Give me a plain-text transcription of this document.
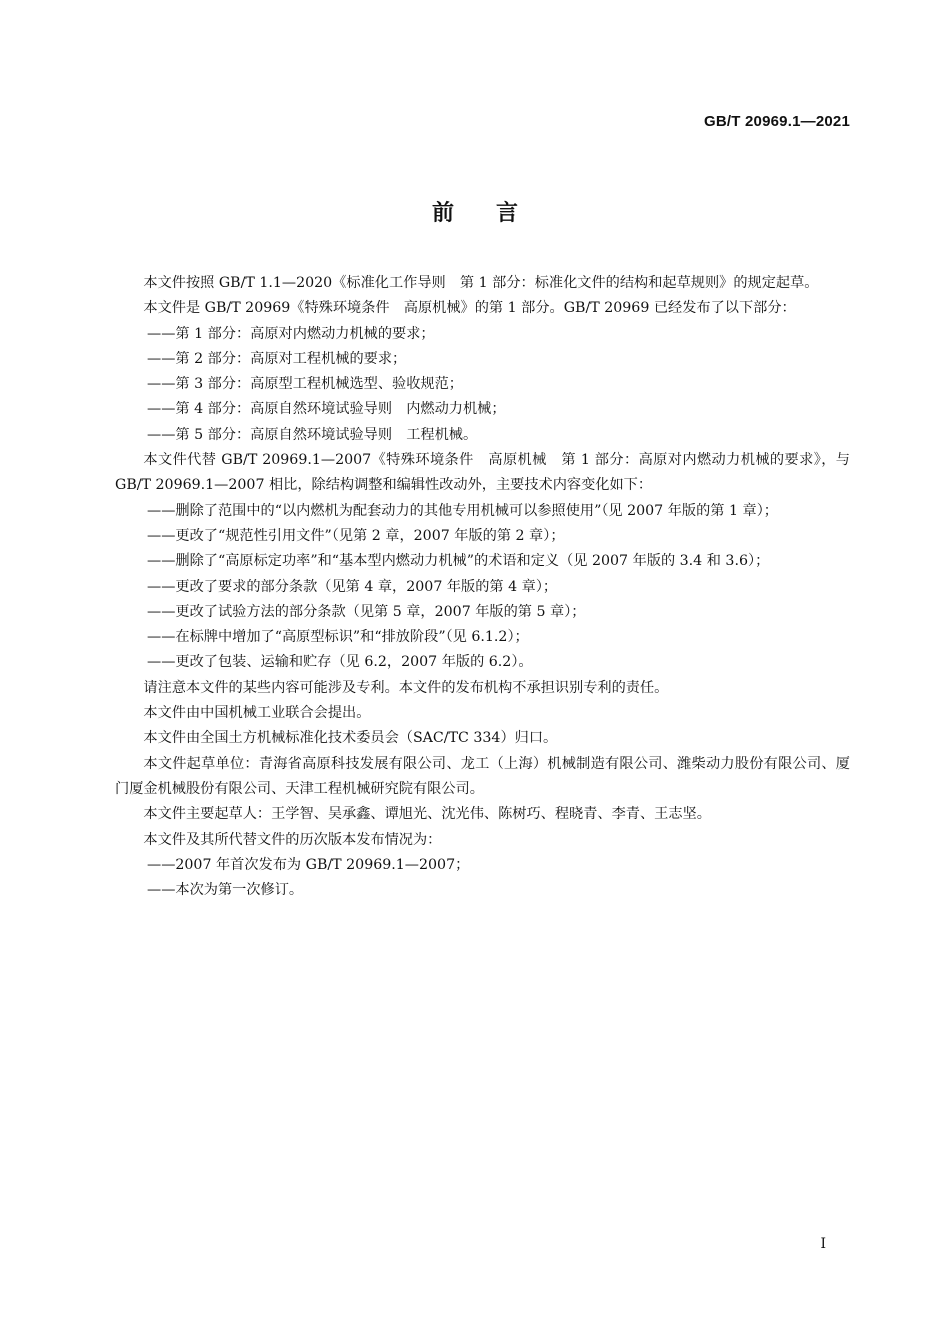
GB/T 20969.1—2021
前言

本文件按照 GB/T 1.1—2020《标准化工作导则　第 1 部分：标准化文件的结构和起草规则》的规定起草。

本文件是 GB/T 20969《特殊环境条件　高原机械》的第 1 部分。GB/T 20969 已经发布了以下部分：

——第 1 部分：高原对内燃动力机械的要求；

——第 2 部分：高原对工程机械的要求；

——第 3 部分：高原型工程机械选型、验收规范；

——第 4 部分：高原自然环境试验导则　内燃动力机械；

——第 5 部分：高原自然环境试验导则　工程机械。

本文件代替 GB/T 20969.1—2007《特殊环境条件　高原机械　第 1 部分：高原对内燃动力机械的要求》，与 GB/T 20969.1—2007 相比，除结构调整和编辑性改动外，主要技术内容变化如下：

——删除了范围中的“以内燃机为配套动力的其他专用机械可以参照使用”（见 2007 年版的第 1 章）；

——更改了“规范性引用文件”（见第 2 章，2007 年版的第 2 章）；

——删除了“高原标定功率”和“基本型内燃动力机械”的术语和定义（见 2007 年版的 3.4 和 3.6）；

——更改了要求的部分条款（见第 4 章，2007 年版的第 4 章）；

——更改了试验方法的部分条款（见第 5 章，2007 年版的第 5 章）；

——在标牌中增加了“高原型标识”和“排放阶段”（见 6.1.2）；

——更改了包装、运输和贮存（见 6.2，2007 年版的 6.2）。

请注意本文件的某些内容可能涉及专利。本文件的发布机构不承担识别专利的责任。

本文件由中国机械工业联合会提出。

本文件由全国土方机械标准化技术委员会（SAC/TC 334）归口。

本文件起草单位：青海省高原科技发展有限公司、龙工（上海）机械制造有限公司、潍柴动力股份有限公司、厦门厦金机械股份有限公司、天津工程机械研究院有限公司。

本文件主要起草人：王学智、吴承鑫、谭旭光、沈光伟、陈树巧、程晓青、李青、王志坚。

本文件及其所代替文件的历次版本发布情况为：

——2007 年首次发布为 GB/T 20969.1—2007；

——本次为第一次修订。

I
